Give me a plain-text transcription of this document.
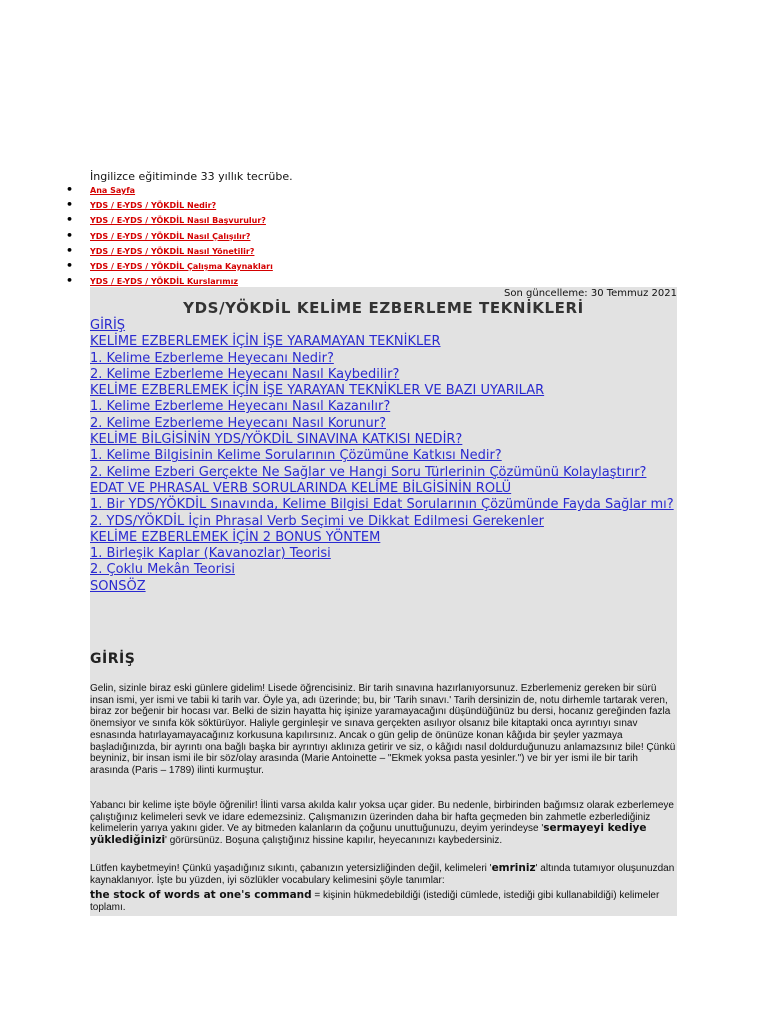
İngilizce eğitiminde 33 yıllık tecrübe.
• Ana Sayfa
• YDS / E-YDS / YÖKDİL Nedir?
• YDS / E-YDS / YÖKDİL Nasıl Başvurulur?
• YDS / E-YDS / YÖKDİL Nasıl Çalışılır?
• YDS / E-YDS / YÖKDİL Nasıl Yönetilir?
• YDS / E-YDS / YÖKDİL Çalışma Kaynakları
• YDS / E-YDS / YÖKDİL Kurslarımız
Son güncelleme: 30 Temmuz 2021
YDS/YÖKDİL KELİME EZBERLEME TEKNİKLERİ
GİRİŞ
KELİME EZBERLEMEK İÇİN İŞE YARAMAYAN TEKNİKLER
1. Kelime Ezberleme Heyecanı Nedir?
2. Kelime Ezberleme Heyecanı Nasıl Kaybedilir?
KELİME EZBERLEMEK İÇİN İŞE YARAYAN TEKNİKLER VE BAZI UYARILAR
1. Kelime Ezberleme Heyecanı Nasıl Kazanılır?
2. Kelime Ezberleme Heyecanı Nasıl Korunur?
KELİME BİLGİSİNİN YDS/YÖKDİL SINAVINA KATKISI NEDİR?
1. Kelime Bilgisinin Kelime Sorularının Çözümüne Katkısı Nedir?
2. Kelime Ezberi Gerçekte Ne Sağlar ve Hangi Soru Türlerinin Çözümünü Kolaylaştırır?
EDAT VE PHRASAL VERB SORULARINDA KELİME BİLGİSİNİN ROLÜ
1. Bir YDS/YÖKDİL Sınavında, Kelime Bilgisi Edat Sorularının Çözümünde Fayda Sağlar mı?
2. YDS/YÖKDİL İçin Phrasal Verb Seçimi ve Dikkat Edilmesi Gerekenler
KELİME EZBERLEMEK İÇİN 2 BONUS YÖNTEM
1. Birleşik Kaplar (Kavanozlar) Teorisi
2. Çoklu Mekân Teorisi
SONSÖZ
GİRİŞ
Gelin, sizinle biraz eski günlere gidelim! Lisede öğrencisiniz. Bir tarih sınavına hazırlanıyorsunuz. Ezberlemeniz gereken bir sürü insan ismi, yer ismi ve tabii ki tarih var. Öyle ya, adı üzerinde; bu, bir 'Tarih sınavı.' Tarih dersinizin de, notu dirhemle tartarak veren, biraz zor beğenir bir hocası var. Belki de sizin hayatta hiç işinize yaramayacağını düşündüğünüz bu dersi, hocanız gereğinden fazla önemsiyor ve sınıfa kök söktürüyor. Haliyle gerginleşir ve sınava gerçekten asılıyor olsanız bile kitaptaki onca ayrıntıyı sınav esnasında hatırlayamayacağınız korkusuna kapılırsınız. Ancak o gün gelip de önünüze konan kâğıda bir şeyler yazmaya başladığınızda, bir ayrıntı ona bağlı başka bir ayrıntıyı aklınıza getirir ve siz, o kâğıdı nasıl doldurduğunuzu anlamazsınız bile! Çünkü beyniniz, bir insan ismi ile bir söz/olay arasında (Marie Antoinette – "Ekmek yoksa pasta yesinler.") ve bir yer ismi ile bir tarih arasında (Paris – 1789) ilinti kurmuştur.
Yabancı bir kelime işte böyle öğrenilir! İlinti varsa akılda kalır yoksa uçar gider. Bu nedenle, birbirinden bağımsız olarak ezberlemeye çalıştığınız kelimeleri sevk ve idare edemezsiniz. Çalışmanızın üzerinden daha bir hafta geçmeden bin zahmetle ezberlediğiniz kelimelerin yarıya yakını gider. Ve ay bitmeden kalanların da çoğunu unuttuğunuzu, deyim yerindeyse 'sermayeyi kediye yüklediğinizi' görürsünüz. Boşuna çalıştığınız hissine kapılır, heyecanınızı kaybedersiniz.
Lütfen kaybetmeyin! Çünkü yaşadığınız sıkıntı, çabanızın yetersizliğinden değil, kelimeleri 'emriniz' altında tutamıyor oluşunuzdan kaynaklanıyor. İşte bu yüzden, iyi sözlükler vocabulary kelimesini şöyle tanımlar:
the stock of words at one's command = kişinin hükmedebildiği (istediği cümlede, istediği gibi kullanabildiği) kelimeler toplamı.
